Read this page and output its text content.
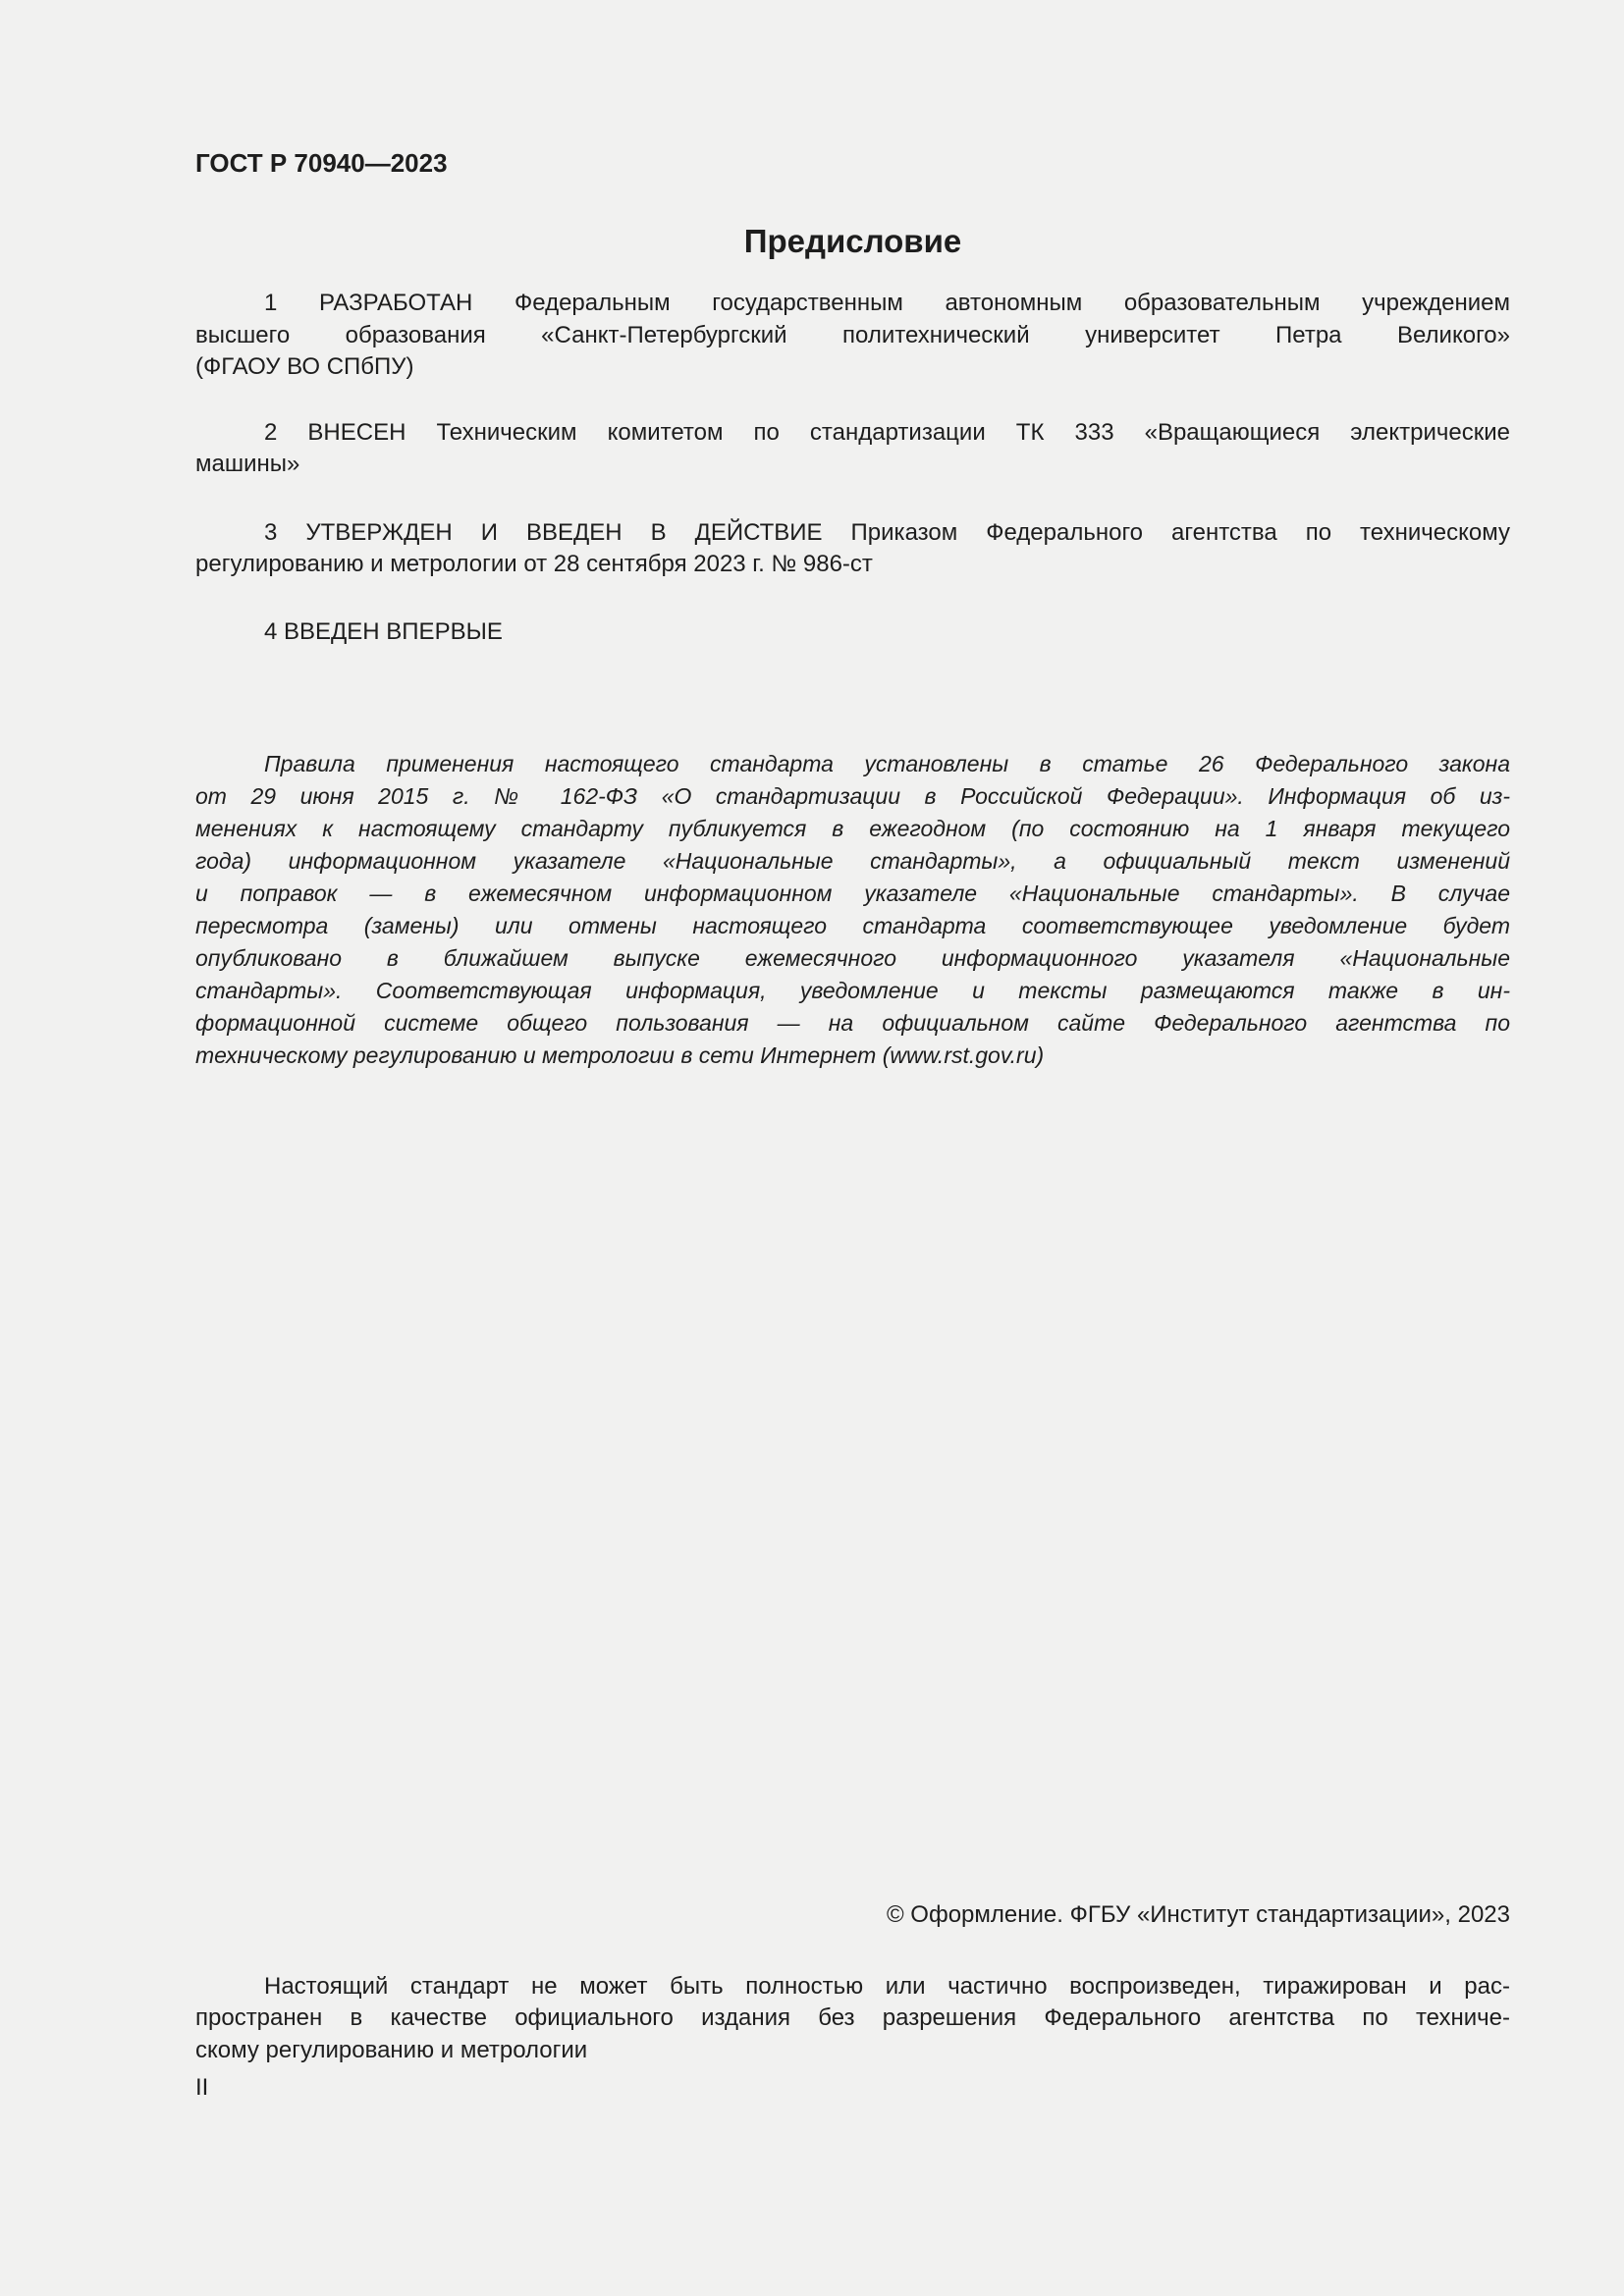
ГОСТ Р 70940—2023
Предисловие
1 РАЗРАБОТАН Федеральным государственным автономным образовательным учреждением
высшего образования «Санкт-Петербургский политехнический университет Петра Великого»
(ФГАОУ ВО СПбПУ)
2 ВНЕСЕН Техническим комитетом по стандартизации ТК 333 «Вращающиеся электрические
машины»
3 УТВЕРЖДЕН И ВВЕДЕН В ДЕЙСТВИЕ Приказом Федерального агентства по техническому
регулированию и метрологии от 28 сентября 2023 г. № 986-ст
4 ВВЕДЕН ВПЕРВЫЕ
Правила применения настоящего стандарта установлены в статье 26 Федерального закона
от 29 июня 2015 г. № 162-ФЗ «О стандартизации в Российской Федерации». Информация об из-
менениях к настоящему стандарту публикуется в ежегодном (по состоянию на 1 января текущего
года) информационном указателе «Национальные стандарты», а официальный текст изменений
и поправок — в ежемесячном информационном указателе «Национальные стандарты». В случае
пересмотра (замены) или отмены настоящего стандарта соответствующее уведомление будет
опубликовано в ближайшем выпуске ежемесячного информационного указателя «Национальные
стандарты». Соответствующая информация, уведомление и тексты размещаются также в ин-
формационной системе общего пользования — на официальном сайте Федерального агентства по
техническому регулированию и метрологии в сети Интернет (www.rst.gov.ru)
© Оформление. ФГБУ «Институт стандартизации», 2023
Настоящий стандарт не может быть полностью или частично воспроизведен, тиражирован и рас-
пространен в качестве официального издания без разрешения Федерального агентства по техниче-
скому регулированию и метрологии
II
